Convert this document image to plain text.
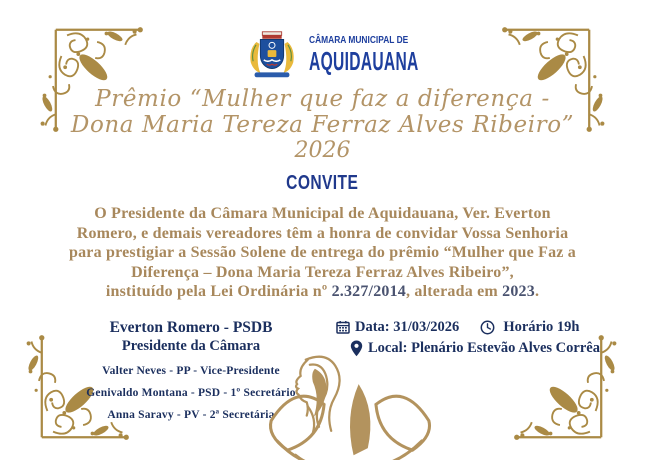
CÂMARA MUNICIPAL DE
AQUIDAUANA
Prêmio “Mulher que faz a diferença -
Dona Maria Tereza Ferraz Alves Ribeiro”
2026
CONVITE
O Presidente da Câmara Municipal de Aquidauana, Ver. Everton
Romero, e demais vereadores têm a honra de convidar Vossa Senhoria
para prestigiar a Sessão Solene de entrega do prêmio “Mulher que Faz a
Diferença – Dona Maria Tereza Ferraz Alves Ribeiro”,
instituído pela Lei Ordinária nº 2.327/2014, alterada em 2023.
Everton Romero - PSDB
Presidente da Câmara
Valter Neves - PP - Vice-Presidente
Genivaldo Montana - PSD - 1º Secretário
Anna Saravy - PV - 2ª Secretária
Data: 31/03/2026	Horário 19h
Local: Plenário Estevão Alves Corrêa
